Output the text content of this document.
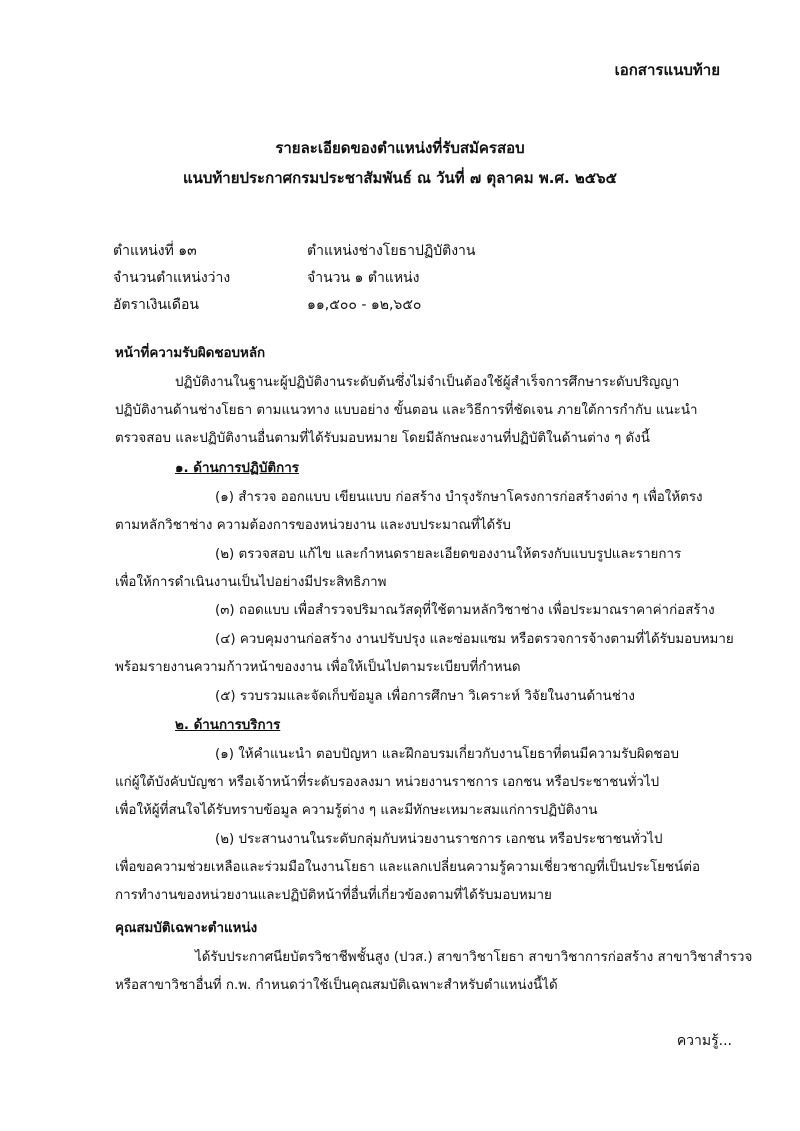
เอกสารแนบท้าย
รายละเอียดของตำแหน่งที่รับสมัครสอบ
แนบท้ายประกาศกรมประชาสัมพันธ์ ณ วันที่ ๗ ตุลาคม พ.ศ. ๒๕๖๕
ตำแหน่งที่ ๑๓	ตำแหน่งช่างโยธาปฏิบัติงาน
จำนวนตำแหน่งว่าง	จำนวน ๑ ตำแหน่ง
อัตราเงินเดือน	๑๑,๕๐๐ - ๑๒,๖๕๐
หน้าที่ความรับผิดชอบหลัก
ปฏิบัติงานในฐานะผู้ปฏิบัติงานระดับต้นซึ่งไม่จำเป็นต้องใช้ผู้สำเร็จการศึกษาระดับปริญญา
ปฏิบัติงานด้านช่างโยธา ตามแนวทาง แบบอย่าง ขั้นตอน และวิธีการที่ชัดเจน ภายใต้การกำกับ แนะนำ
ตรวจสอบ และปฏิบัติงานอื่นตามที่ได้รับมอบหมาย โดยมีลักษณะงานที่ปฏิบัติในด้านต่าง ๆ ดังนี้
๑. ด้านการปฏิบัติการ
(๑) สำรวจ ออกแบบ เขียนแบบ ก่อสร้าง บำรุงรักษาโครงการก่อสร้างต่าง ๆ เพื่อให้ตรง
ตามหลักวิชาช่าง ความต้องการของหน่วยงาน และงบประมาณที่ได้รับ
(๒) ตรวจสอบ แก้ไข และกำหนดรายละเอียดของงานให้ตรงกับแบบรูปและรายการ
เพื่อให้การดำเนินงานเป็นไปอย่างมีประสิทธิภาพ
(๓) ถอดแบบ เพื่อสำรวจปริมาณวัสดุที่ใช้ตามหลักวิชาช่าง เพื่อประมาณราคาค่าก่อสร้าง
(๔) ควบคุมงานก่อสร้าง งานปรับปรุง และซ่อมแซม หรือตรวจการจ้างตามที่ได้รับมอบหมาย
พร้อมรายงานความก้าวหน้าของงาน เพื่อให้เป็นไปตามระเบียบที่กำหนด
(๕) รวบรวมและจัดเก็บข้อมูล เพื่อการศึกษา วิเคราะห์ วิจัยในงานด้านช่าง
๒. ด้านการบริการ
(๑) ให้คำแนะนำ ตอบปัญหา และฝึกอบรมเกี่ยวกับงานโยธาที่ตนมีความรับผิดชอบ
แก่ผู้ใต้บังคับบัญชา หรือเจ้าหน้าที่ระดับรองลงมา หน่วยงานราชการ เอกชน หรือประชาชนทั่วไป
เพื่อให้ผู้ที่สนใจได้รับทราบข้อมูล ความรู้ต่าง ๆ และมีทักษะเหมาะสมแก่การปฏิบัติงาน
(๒) ประสานงานในระดับกลุ่มกับหน่วยงานราชการ เอกชน หรือประชาชนทั่วไป
เพื่อขอความช่วยเหลือและร่วมมือในงานโยธา และแลกเปลี่ยนความรู้ความเชี่ยวชาญที่เป็นประโยชน์ต่อ
การทำงานของหน่วยงานและปฏิบัติหน้าที่อื่นที่เกี่ยวข้องตามที่ได้รับมอบหมาย
คุณสมบัติเฉพาะตำแหน่ง
ได้รับประกาศนียบัตรวิชาชีพชั้นสูง (ปวส.) สาขาวิชาโยธา สาขาวิชาการก่อสร้าง สาขาวิชาสำรวจ
หรือสาขาวิชาอื่นที่ ก.พ. กำหนดว่าใช้เป็นคุณสมบัติเฉพาะสำหรับตำแหน่งนี้ได้
ความรู้...
